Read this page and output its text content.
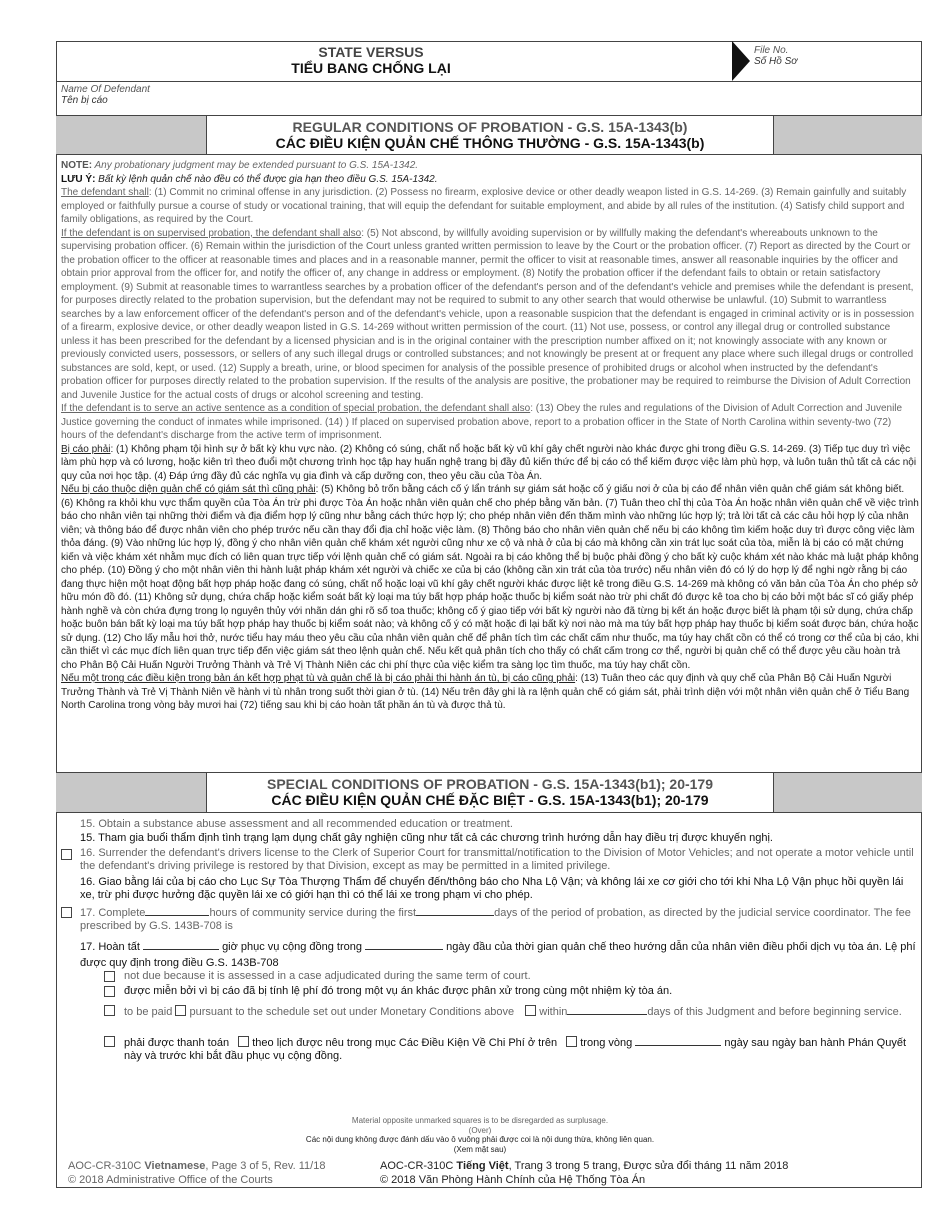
STATE VERSUS
TIỂU BANG CHỐNG LẠI
File No.
Số Hồ Sơ
Name Of Defendant
Tên bị cáo
REGULAR CONDITIONS OF PROBATION - G.S. 15A-1343(b)
CÁC ĐIỀU KIỆN QUẢN CHẾ THÔNG THƯỜNG - G.S. 15A-1343(b)

NOTE: Any probationary judgment may be extended pursuant to G.S. 15A-1342.

LƯU Ý: Bất kỳ lệnh quản chế nào đều có thể được gia hạn theo điều G.S. 15A-1342.

The defendant shall: (1) Commit no criminal offense in any jurisdiction. (2) Possess no firearm, explosive device or other deadly weapon listed in G.S. 14-269. (3) Remain gainfully and suitably employed or faithfully pursue a course of study or vocational training, that will equip the defendant for suitable employment, and abide by all rules of the institution. (4) Satisfy child support and family obligations, as required by the Court.

If the defendant is on supervised probation, the defendant shall also: (5) Not abscond, by willfully avoiding supervision or by willfully making the defendant's whereabouts unknown to the supervising probation officer. (6) Remain within the jurisdiction of the Court unless granted written permission to leave by the Court or the probation officer. (7) Report as directed by the Court or the probation officer to the officer at reasonable times and places and in a reasonable manner, permit the officer to visit at reasonable times, answer all reasonable inquiries by the officer and obtain prior approval from the officer for, and notify the officer of, any change in address or employment. (8) Notify the probation officer if the defendant fails to obtain or retain satisfactory employment. (9) Submit at reasonable times to warrantless searches by a probation officer of the defendant's person and of the defendant's vehicle and premises while the defendant is present, for purposes directly related to the probation supervision, but the defendant may not be required to submit to any other search that would otherwise be unlawful. (10) Submit to warrantless searches by a law enforcement officer of the defendant's person and of the defendant's vehicle, upon a reasonable suspicion that the defendant is engaged in criminal activity or is in possession of a firearm, explosive device, or other deadly weapon listed in G.S. 14-269 without written permission of the court. (11) Not use, possess, or control any illegal drug or controlled substance unless it has been prescribed for the defendant by a licensed physician and is in the original container with the prescription number affixed on it; not knowingly associate with any known or previously convicted users, possessors, or sellers of any such illegal drugs or controlled substances; and not knowingly be present at or frequent any place where such illegal drugs or controlled substances are sold, kept, or used. (12) Supply a breath, urine, or blood specimen for analysis of the possible presence of prohibited drugs or alcohol when instructed by the defendant's probation officer for purposes directly related to the probation supervision. If the results of the analysis are positive, the probationer may be required to reimburse the Division of Adult Correction and Juvenile Justice for the actual costs of drugs or alcohol screening and testing.

If the defendant is to serve an active sentence as a condition of special probation, the defendant shall also: (13) Obey the rules and regulations of the Division of Adult Correction and Juvenile Justice governing the conduct of inmates while imprisoned. (14) ) If placed on supervised probation above, report to a probation officer in the State of North Carolina within seventy-two (72) hours of the defendant's discharge from the active term of imprisonment.

Bị cáo phải: (1) Không phạm tội hình sự ở bất kỳ khu vực nào. (2) Không có súng, chất nổ hoặc bất kỳ vũ khí gây chết người nào khác được ghi trong điều G.S. 14-269. (3) Tiếp tục duy trì việc làm phù hợp và có lương, hoặc kiên trì theo đuổi một chương trình học tập hay huấn nghệ trang bị đầy đủ kiến thức để bị cáo có thể kiếm được việc làm phù hợp, và luôn tuân thủ tất cả các nội quy của nơi học tập. (4) Đáp ứng đầy đủ các nghĩa vụ gia đình và cấp dưỡng con, theo yêu cầu của Tòa Án.

Nếu bị cáo thuộc diện quản chế có giám sát thì cũng phải: (5) Không bỏ trốn bằng cách cố ý lẩn tránh sự giám sát hoặc cố ý giấu nơi ở của bị cáo để nhân viên quản chế giám sát không biết. (6) Không ra khỏi khu vực thẩm quyền của Tòa Án trừ phi được Tòa Án hoặc nhân viên quản chế cho phép bằng văn bản. (7) Tuân theo chỉ thị của Tòa Án hoặc nhân viên quản chế về việc trình báo cho nhân viên tại những thời điểm và địa điểm hợp lý cũng như bằng cách thức hợp lý; cho phép nhân viên đến thăm mình vào những lúc hợp lý; trả lời tất cả các câu hỏi hợp lý của nhân viên; và thông báo để được nhân viên cho phép trước nếu cần thay đổi địa chỉ hoặc việc làm. (8) Thông báo cho nhân viên quản chế nếu bị cáo không tìm kiếm hoặc duy trì được công việc làm thỏa đáng. (9) Vào những lúc hợp lý, đồng ý cho nhân viên quản chế khám xét người cũng như xe cộ và nhà ở của bị cáo mà không cần xin trát lục soát của tòa, miễn là bị cáo có mặt chứng kiến và việc khám xét nhằm mục đích có liên quan trực tiếp với lệnh quản chế có giám sát. Ngoài ra bị cáo không thể bị buộc phải đồng ý cho bất kỳ cuộc khám xét nào khác mà luật pháp không cho phép. (10) Đồng ý cho một nhân viên thi hành luật pháp khám xét người và chiếc xe của bị cáo (không cần xin trát của tòa trước) nếu nhân viên đó có lý do hợp lý để nghi ngờ rằng bị cáo đang thực hiện một hoạt động bất hợp pháp hoặc đang có súng, chất nổ hoặc loại vũ khí gây chết người khác được liệt kê trong điều G.S. 14-269 mà không có văn bản của Tòa Án cho phép sở hữu món đồ đó. (11) Không sử dụng, chứa chấp hoặc kiểm soát bất kỳ loại ma túy bất hợp pháp hoặc thuốc bị kiểm soát nào trừ phi chất đó được kê toa cho bị cáo bởi một bác sĩ có giấy phép hành nghề và còn chứa đựng trong lọ nguyên thủy với nhãn dán ghi rõ số toa thuốc; không cố ý giao tiếp với bất kỳ người nào đã từng bị kết án hoặc được biết là phạm tội sử dụng, chứa chấp hoặc buôn bán bất kỳ loại ma túy bất hợp pháp hay thuốc bị kiểm soát nào; và không cố ý có mặt hoặc đi lại bất kỳ nơi nào mà ma túy bất hợp pháp hay thuốc bị kiểm soát được bán, chứa hoặc sử dụng. (12) Cho lấy mẫu hơi thở, nước tiểu hay máu theo yêu cầu của nhân viên quản chế để phân tích tìm các chất cấm như thuốc, ma túy hay chất cồn có thể có trong cơ thể của bị cáo, khi cần thiết vì các mục đích liên quan trực tiếp đến việc giám sát theo lệnh quản chế. Nếu kết quả phân tích cho thấy có chất cấm trong cơ thể, người bị quản chế có thể được yêu cầu hoàn trả cho Phân Bộ Cải Huấn Người Trưởng Thành và Trẻ Vị Thành Niên các chi phí thực của việc kiểm tra sàng lọc tìm thuốc, ma túy hay chất cồn.

Nếu một trong các điều kiện trong bản án kết hợp phạt tù và quản chế là bị cáo phải thi hành án tù, bị cáo cũng phải: (13) Tuân theo các quy định và quy chế của Phân Bộ Cải Huấn Người Trưởng Thành và Trẻ Vị Thành Niên về hành vi tù nhân trong suốt thời gian ở tù. (14) Nếu trên đây ghi là ra lệnh quản chế có giám sát, phải trình diện với một nhân viên quản chế ở Tiểu Bang North Carolina trong vòng bảy mươi hai (72) tiếng sau khi bị cáo hoàn tất phần án tù và được thả tù.

SPECIAL CONDITIONS OF PROBATION - G.S. 15A-1343(b1); 20-179
CÁC ĐIỀU KIỆN QUẢN CHẾ ĐẶC BIỆT - G.S. 15A-1343(b1); 20-179
15. Obtain a substance abuse assessment and all recommended education or treatment.
15. Tham gia buổi thẩm định tình trạng lạm dụng chất gây nghiện cũng như tất cả các chương trình hướng dẫn hay điều trị được khuyến nghị.
16. Surrender the defendant's drivers license to the Clerk of Superior Court for transmittal/notification to the Division of Motor Vehicles; and not operate a motor vehicle until the defendant's driving privilege is restored by that Division, except as may be permitted in a limited privilege.
16. Giao bằng lái của bị cáo cho Lục Sự Tòa Thượng Thẩm để chuyển đến/thông báo cho Nha Lộ Vận; và không lái xe cơ giới cho tới khi Nha Lộ Vận phục hồi quyền lái xe, trừ phi được hưởng đặc quyền lái xe có giới hạn thì có thể lái xe trong phạm vi cho phép.
17. Complete	hours of community service during the first	days of the period of probation, as directed by the judicial service coordinator. The fee prescribed by G.S. 143B-708 is
17. Hoàn tất	giờ phục vụ cộng đồng trong	ngày đầu của thời gian quản chế theo hướng dẫn của nhân viên điều phối dịch vụ tòa án. Lệ phí được quy định trong điều G.S. 143B-708
not due because it is assessed in a case adjudicated during the same term of court.
được miễn bởi vì bị cáo đã bị tính lệ phí đó trong một vụ án khác được phân xử trong cùng một nhiệm kỳ tòa án.
to be paid pursuant to the schedule set out under Monetary Conditions above within	days of this Judgment and before beginning service.
phải được thanh toán theo lịch được nêu trong mục Các Điều Kiện Về Chi Phí ở trên trong vòng	ngày sau ngày ban hành Phán Quyết này và trước khi bắt đầu phục vụ cộng đồng.
Material opposite unmarked squares is to be disregarded as surplusage.
(Over)
Các nội dung không được đánh dấu vào ô vuông phải được coi là nội dung thừa, không liên quan.
(Xem mặt sau)
AOC-CR-310C Vietnamese, Page 3 of 5, Rev. 11/18
© 2018 Administrative Office of the Courts
AOC-CR-310C Tiếng Việt, Trang 3 trong 5 trang, Được sửa đổi tháng 11 năm 2018
© 2018 Văn Phòng Hành Chính của Hệ Thống Tòa Án
